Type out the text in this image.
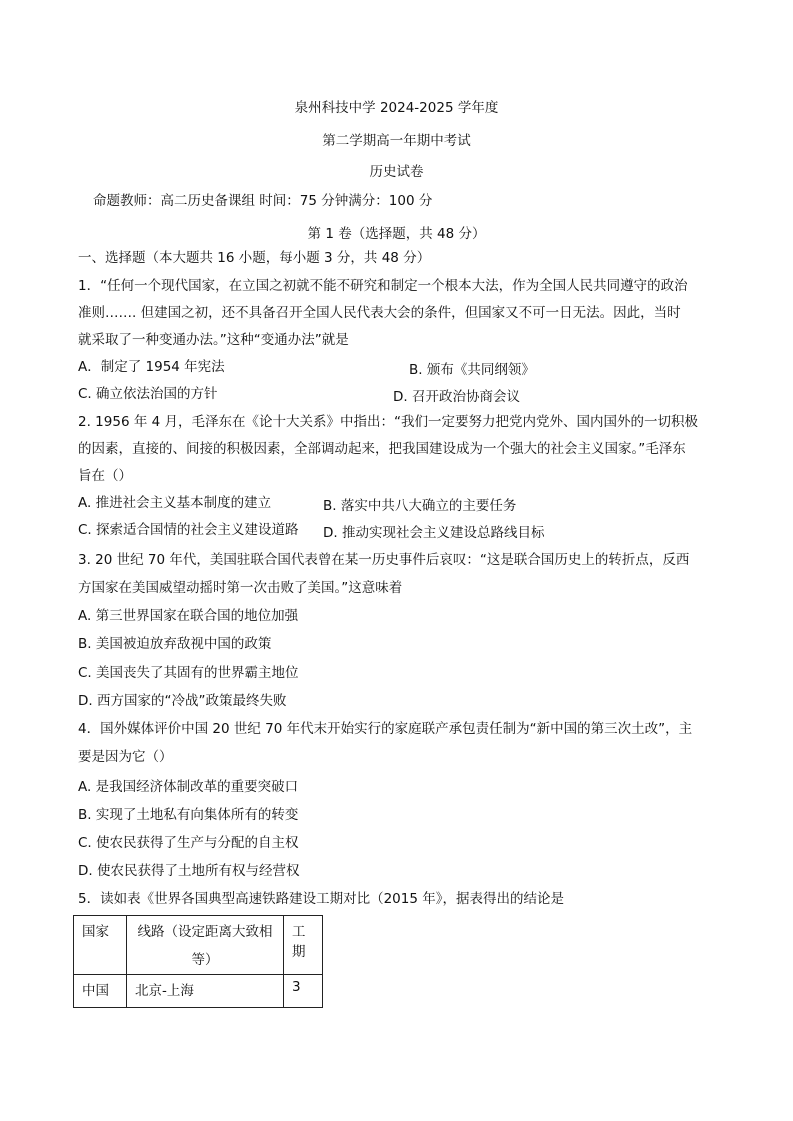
泉州科技中学 2024-2025 学年度
第二学期高一年期中考试
历史试卷
命题教师：高二历史备课组 时间：75 分钟满分：100 分
第 1 卷（选择题，共 48 分）
一、选择题（本大题共 16 小题，每小题 3 分，共 48 分）
1．“任何一个现代国家，在立国之初就不能不研究和制定一个根本大法，作为全国人民共同遵守的政治
准则……. 但建国之初，还不具备召开全国人民代表大会的条件，但国家又不可一日无法。因此，当时
就采取了一种变通办法。”这种“变通办法”就是
A．制定了 1954 年宪法	B. 颁布《共同纲领》
C. 确立依法治国的方针	D. 召开政治协商会议
2. 1956 年 4 月，毛泽东在《论十大关系》中指出：“我们一定要努力把党内党外、国内国外的一切积极
的因素，直接的、间接的积极因素，全部调动起来，把我国建设成为一个强大的社会主义国家。”毛泽东
旨在（）
A. 推进社会主义基本制度的建立	B. 落实中共八大确立的主要任务
C. 探索适合国情的社会主义建设道路 D. 推动实现社会主义建设总路线目标
3. 20 世纪 70 年代，美国驻联合国代表曾在某一历史事件后哀叹：“这是联合国历史上的转折点，反西
方国家在美国威望动摇时第一次击败了美国。”这意味着
A. 第三世界国家在联合国的地位加强
B. 美国被迫放弃敌视中国的政策
C. 美国丧失了其固有的世界霸主地位
D. 西方国家的“冷战”政策最终失败
4．国外媒体评价中国 20 世纪 70 年代末开始实行的家庭联产承包责任制为“新中国的第三次土改”，主
要是因为它（）
A. 是我国经济体制改革的重要突破口
B. 实现了土地私有向集体所有的转变
C. 使农民获得了生产与分配的自主权
D. 使农民获得了土地所有权与经营权
5．读如表《世界各国典型高速铁路建设工期对比（2015 年》，据表得出的结论是
国家	线路（设定距离大致相
等）	工期
中国	北京-上海	3
